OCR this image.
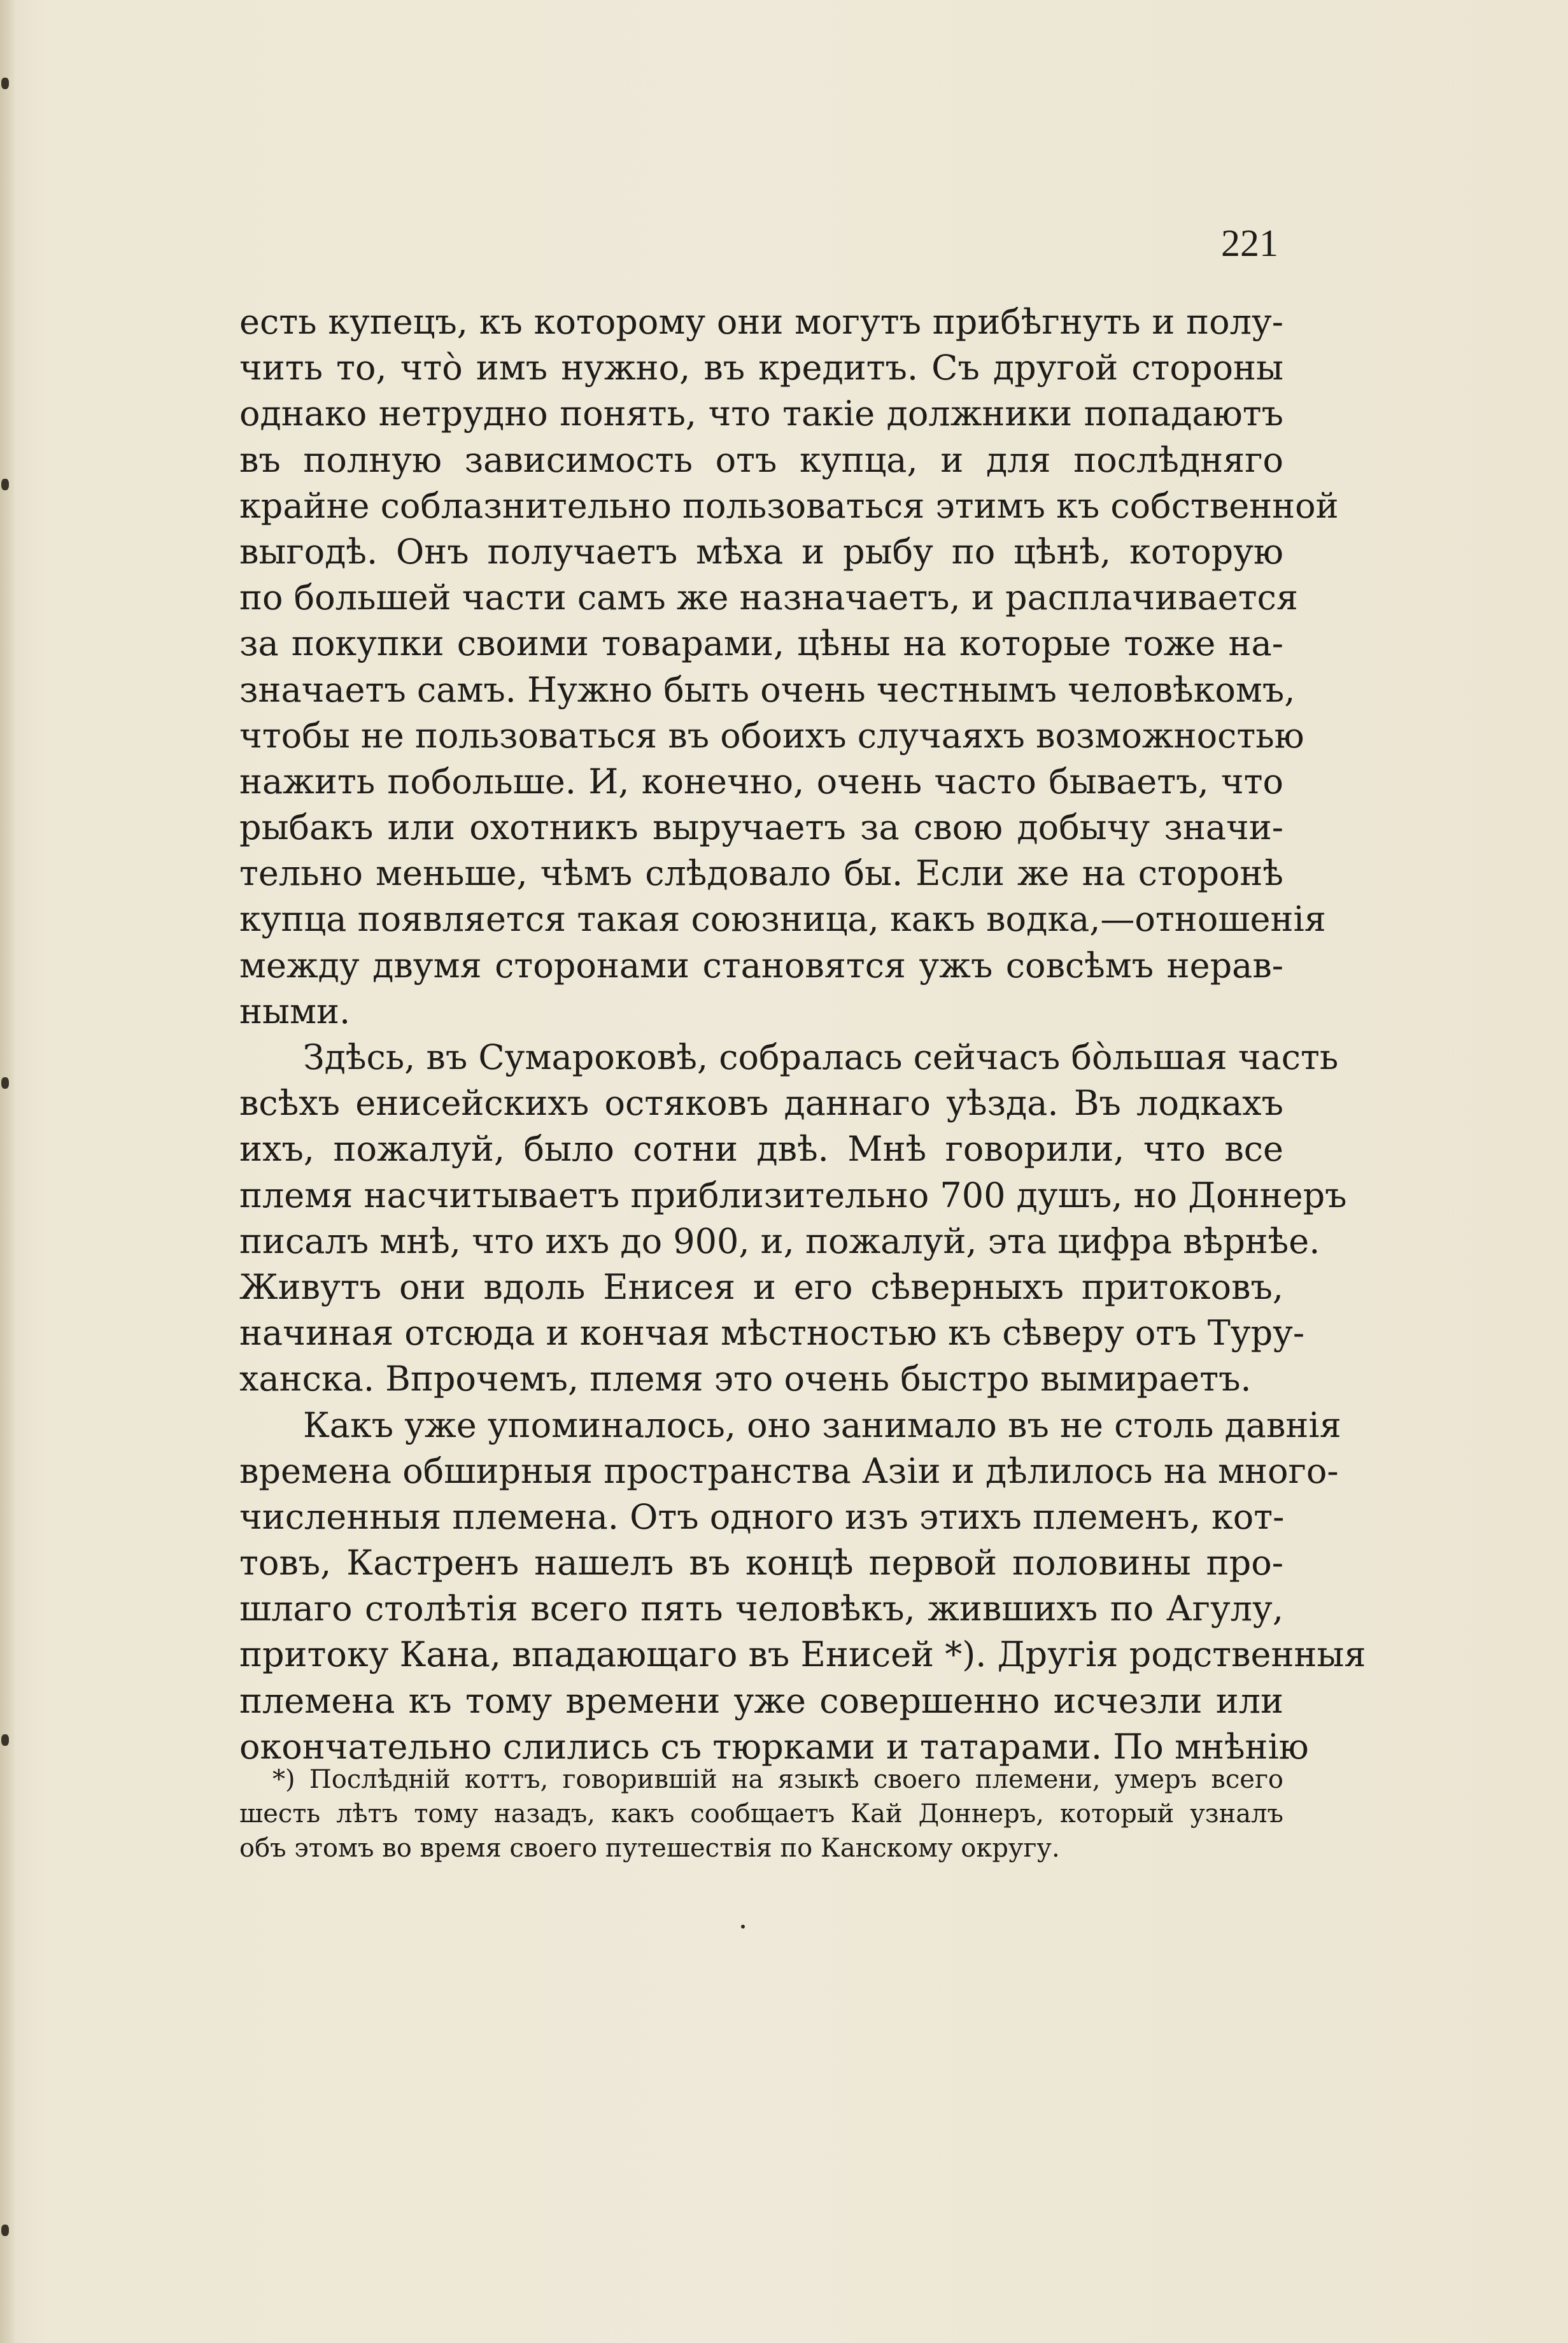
221
есть купецъ, къ которому они могутъ прибѣгнуть и полу-
чить то, что̀ имъ нужно, въ кредитъ. Съ другой стороны
однако нетрудно понять, что такіе должники попадаютъ
въ полную зависимость отъ купца, и для послѣдняго
крайне соблазнительно пользоваться этимъ къ собственной
выгодѣ. Онъ получаетъ мѣха и рыбу по цѣнѣ, которую
по большей части самъ же назначаетъ, и расплачивается
за покупки своими товарами, цѣны на которые тоже на-
значаетъ самъ. Нужно быть очень честнымъ человѣкомъ,
чтобы не пользоваться въ обоихъ случаяхъ возможностью
нажить побольше. И, конечно, очень часто бываетъ, что
рыбакъ или охотникъ выручаетъ за свою добычу значи-
тельно меньше, чѣмъ слѣдовало бы. Если же на сторонѣ
купца появляется такая союзница, какъ водка,—отношенія
между двумя сторонами становятся ужъ совсѣмъ нерав-
ными.
Здѣсь, въ Сумароковѣ, собралась сейчасъ бо̀льшая часть
всѣхъ енисейскихъ остяковъ даннаго уѣзда. Въ лодкахъ
ихъ, пожалуй, было сотни двѣ. Мнѣ говорили, что все
племя насчитываетъ приблизительно 700 душъ, но Доннеръ
писалъ мнѣ, что ихъ до 900, и, пожалуй, эта цифра вѣрнѣе.
Живутъ они вдоль Енисея и его сѣверныхъ притоковъ,
начиная отсюда и кончая мѣстностью къ сѣверу отъ Туру-
ханска. Впрочемъ, племя это очень быстро вымираетъ.
Какъ уже упоминалось, оно занимало въ не столь давнія
времена обширныя пространства Азіи и дѣлилось на много-
численныя племена. Отъ одного изъ этихъ племенъ, кот-
товъ, Кастренъ нашелъ въ концѣ первой половины про-
шлаго столѣтія всего пять человѣкъ, жившихъ по Агулу,
притоку Кана, впадающаго въ Енисей *). Другія родственныя
племена къ тому времени уже совершенно исчезли или
окончательно слились съ тюрками и татарами. По мнѣнію
*) Послѣдній коттъ, говорившій на языкѣ своего племени, умеръ всего
шесть лѣтъ тому назадъ, какъ сообщаетъ Кай Доннеръ, который узналъ
объ этомъ во время своего путешествія по Канскому округу.
